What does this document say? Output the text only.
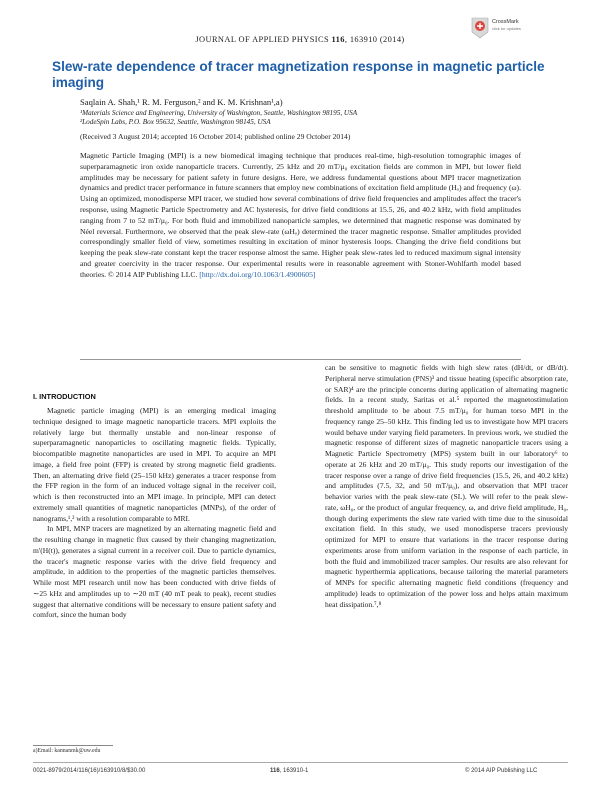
JOURNAL OF APPLIED PHYSICS 116, 163910 (2014)
CrossMark
click for updates
Slew-rate dependence of tracer magnetization response in magnetic particle imaging
Saqlain A. Shah,¹ R. M. Ferguson,² and K. M. Krishnan¹,a)
¹Materials Science and Engineering, University of Washington, Seattle, Washington 98195, USA
²LodeSpin Labs, P.O. Box 95632, Seattle, Washington 98145, USA
(Received 3 August 2014; accepted 16 October 2014; published online 29 October 2014)
Magnetic Particle Imaging (MPI) is a new biomedical imaging technique that produces real-time, high-resolution tomographic images of superparamagnetic iron oxide nanoparticle tracers. Currently, 25 kHz and 20 mT/μ₀ excitation fields are common in MPI, but lower field amplitudes may be necessary for patient safety in future designs. Here, we address fundamental questions about MPI tracer magnetization dynamics and predict tracer performance in future scanners that employ new combinations of excitation field amplitude (Hₒ) and frequency (ω). Using an optimized, monodisperse MPI tracer, we studied how several combinations of drive field frequencies and amplitudes affect the tracer's response, using Magnetic Particle Spectrometry and AC hysteresis, for drive field conditions at 15.5, 26, and 40.2 kHz, with field amplitudes ranging from 7 to 52 mT/μ₀. For both fluid and immobilized nanoparticle samples, we determined that magnetic response was dominated by Néel reversal. Furthermore, we observed that the peak slew-rate (ωHₒ) determined the tracer magnetic response. Smaller amplitudes provided correspondingly smaller field of view, sometimes resulting in excitation of minor hysteresis loops. Changing the drive field conditions but keeping the peak slew-rate constant kept the tracer response almost the same. Higher peak slew-rates led to reduced maximum signal intensity and greater coercivity in the tracer response. Our experimental results were in reasonable agreement with Stoner-Wohlfarth model based theories. © 2014 AIP Publishing LLC. [http://dx.doi.org/10.1063/1.4900605]
I. INTRODUCTION

Magnetic particle imaging (MPI) is an emerging medical imaging technique designed to image magnetic nanoparticle tracers. MPI exploits the relatively large but thermally unstable and non-linear response of superparamagnetic nanoparticles to oscillating magnetic fields. Typically, biocompatible magnetite nanoparticles are used in MPI. To acquire an MPI image, a field free point (FFP) is created by strong magnetic field gradients. Then, an alternating drive field (25–150 kHz) generates a tracer response from the FFP region in the form of an induced voltage signal in the receiver coil, which is then reconstructed into an MPI image. In principle, MPI can detect extremely small quantities of magnetic nanoparticles (MNPs), of the order of nanograms,¹,² with a resolution comparable to MRI.

In MPI, MNP tracers are magnetized by an alternating magnetic field and the resulting change in magnetic flux caused by their changing magnetization, m'(H(t)), generates a signal current in a receiver coil. Due to particle dynamics, the tracer's magnetic response varies with the drive field frequency and amplitude, in addition to the properties of the magnetic particles themselves. While most MPI research until now has been conducted with drive fields of ∼25 kHz and amplitudes up to ∼20 mT (40 mT peak to peak), recent studies suggest that alternative conditions will be necessary to ensure patient safety and comfort, since the human body

can be sensitive to magnetic fields with high slew rates (dH/dt, or dB/dt). Peripheral nerve stimulation (PNS)³ and tissue heating (specific absorption rate, or SAR)⁴ are the principle concerns during application of alternating magnetic fields. In a recent study, Saritas et al.⁵ reported the magnetostimulation threshold amplitude to be about 7.5 mT/μ₀ for human torso MPI in the frequency range 25–50 kHz. This finding led us to investigate how MPI tracers would behave under varying field parameters. In previous work, we studied the magnetic response of different sizes of magnetic nanoparticle tracers using a Magnetic Particle Spectrometry (MPS) system built in our laboratory⁶ to operate at 26 kHz and 20 mT/μ₀. This study reports our investigation of the tracer response over a range of drive field frequencies (15.5, 26, and 40.2 kHz) and amplitudes (7.5, 32, and 50 mT/μ₀), and observation that MPI tracer behavior varies with the peak slew-rate (SL). We will refer to the peak slew-rate, ωH₀, or the product of angular frequency, ω, and drive field amplitude, H₀, though during experiments the slew rate varied with time due to the sinusoidal excitation field. In this study, we used monodisperse tracers previously optimized for MPI to ensure that variations in the tracer response during experiments arose from uniform variation in the response of each particle, in both the fluid and immobilized tracer samples. Our results are also relevant for magnetic hyperthermia applications, because tailoring the material parameters of MNPs for specific alternating magnetic field conditions (frequency and amplitude) leads to optimization of the power loss and helps attain maximum heat dissipation.⁷,⁸

a)Email: kannanmk@uw.edu
0021-8979/2014/116(16)/163910/8/$30.00	116, 163910-1	© 2014 AIP Publishing LLC
